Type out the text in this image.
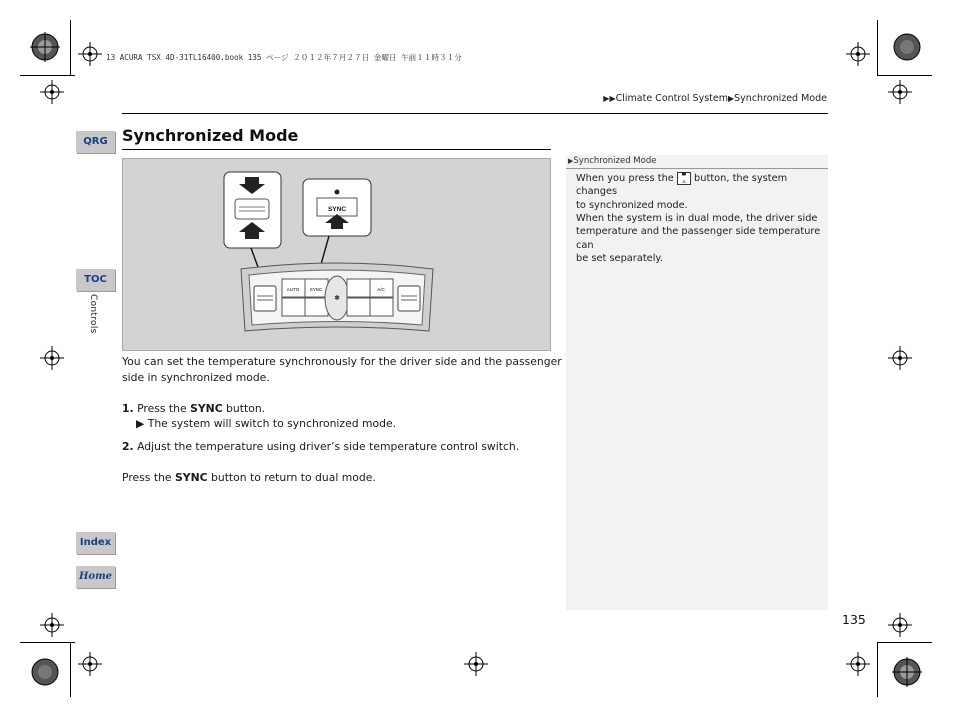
13 ACURA TSX 4D-31TL16400.book 135 ページ ２０１２年７月２７日 金曜日 午前１１時３１分
▶▶Climate Control System▶Synchronized Mode
QRG
TOC
Controls
Index
Home
Synchronized Mode
SYNC
AUTO SYNC
✱
A/C
You can set the temperature synchronously for the driver side and the passenger
side in synchronized mode.
1. Press the SYNC button.
▶ The system will switch to synchronized mode.
2. Adjust the temperature using driver’s side temperature control switch.
Press the SYNC button to return to dual mode.
▶Synchronized Mode
When you press the ▀
⌂ button, the system changes
to synchronized mode.
When the system is in dual mode, the driver side
temperature and the passenger side temperature can
be set separately.
135
